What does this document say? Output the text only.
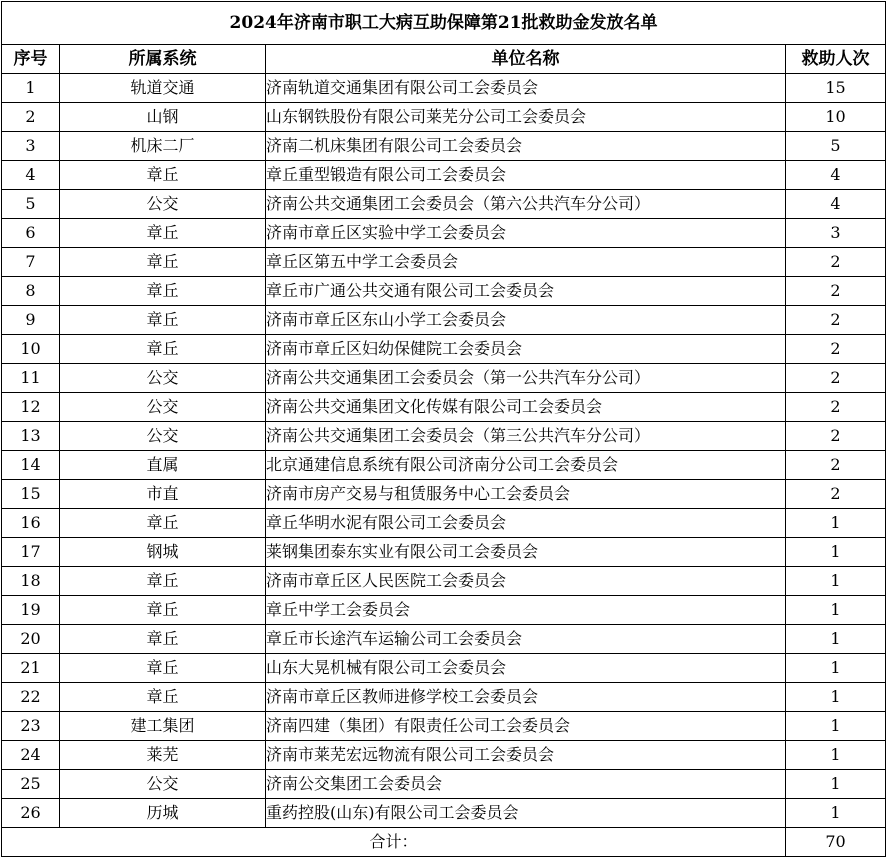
2024年济南市职工大病互助保障第21批救助金发放名单			
序号	所属系统	单位名称	救助人次
1	轨道交通	济南轨道交通集团有限公司工会委员会	15
2	山钢	山东钢铁股份有限公司莱芜分公司工会委员会	10
3	机床二厂	济南二机床集团有限公司工会委员会	5
4	章丘	章丘重型锻造有限公司工会委员会	4
5	公交	济南公共交通集团工会委员会（第六公共汽车分公司）	4
6	章丘	济南市章丘区实验中学工会委员会	3
7	章丘	章丘区第五中学工会委员会	2
8	章丘	章丘市广通公共交通有限公司工会委员会	2
9	章丘	济南市章丘区东山小学工会委员会	2
10	章丘	济南市章丘区妇幼保健院工会委员会	2
11	公交	济南公共交通集团工会委员会（第一公共汽车分公司）	2
12	公交	济南公共交通集团文化传媒有限公司工会委员会	2
13	公交	济南公共交通集团工会委员会（第三公共汽车分公司）	2
14	直属	北京通建信息系统有限公司济南分公司工会委员会	2
15	市直	济南市房产交易与租赁服务中心工会委员会	2
16	章丘	章丘华明水泥有限公司工会委员会	1
17	钢城	莱钢集团泰东实业有限公司工会委员会	1
18	章丘	济南市章丘区人民医院工会委员会	1
19	章丘	章丘中学工会委员会	1
20	章丘	章丘市长途汽车运输公司工会委员会	1
21	章丘	山东大晃机械有限公司工会委员会	1
22	章丘	济南市章丘区教师进修学校工会委员会	1
23	建工集团	济南四建（集团）有限责任公司工会委员会	1
24	莱芜	济南市莱芜宏远物流有限公司工会委员会	1
25	公交	济南公交集团工会委员会	1
26	历城	重药控股(山东)有限公司工会委员会	1
合计：			70
